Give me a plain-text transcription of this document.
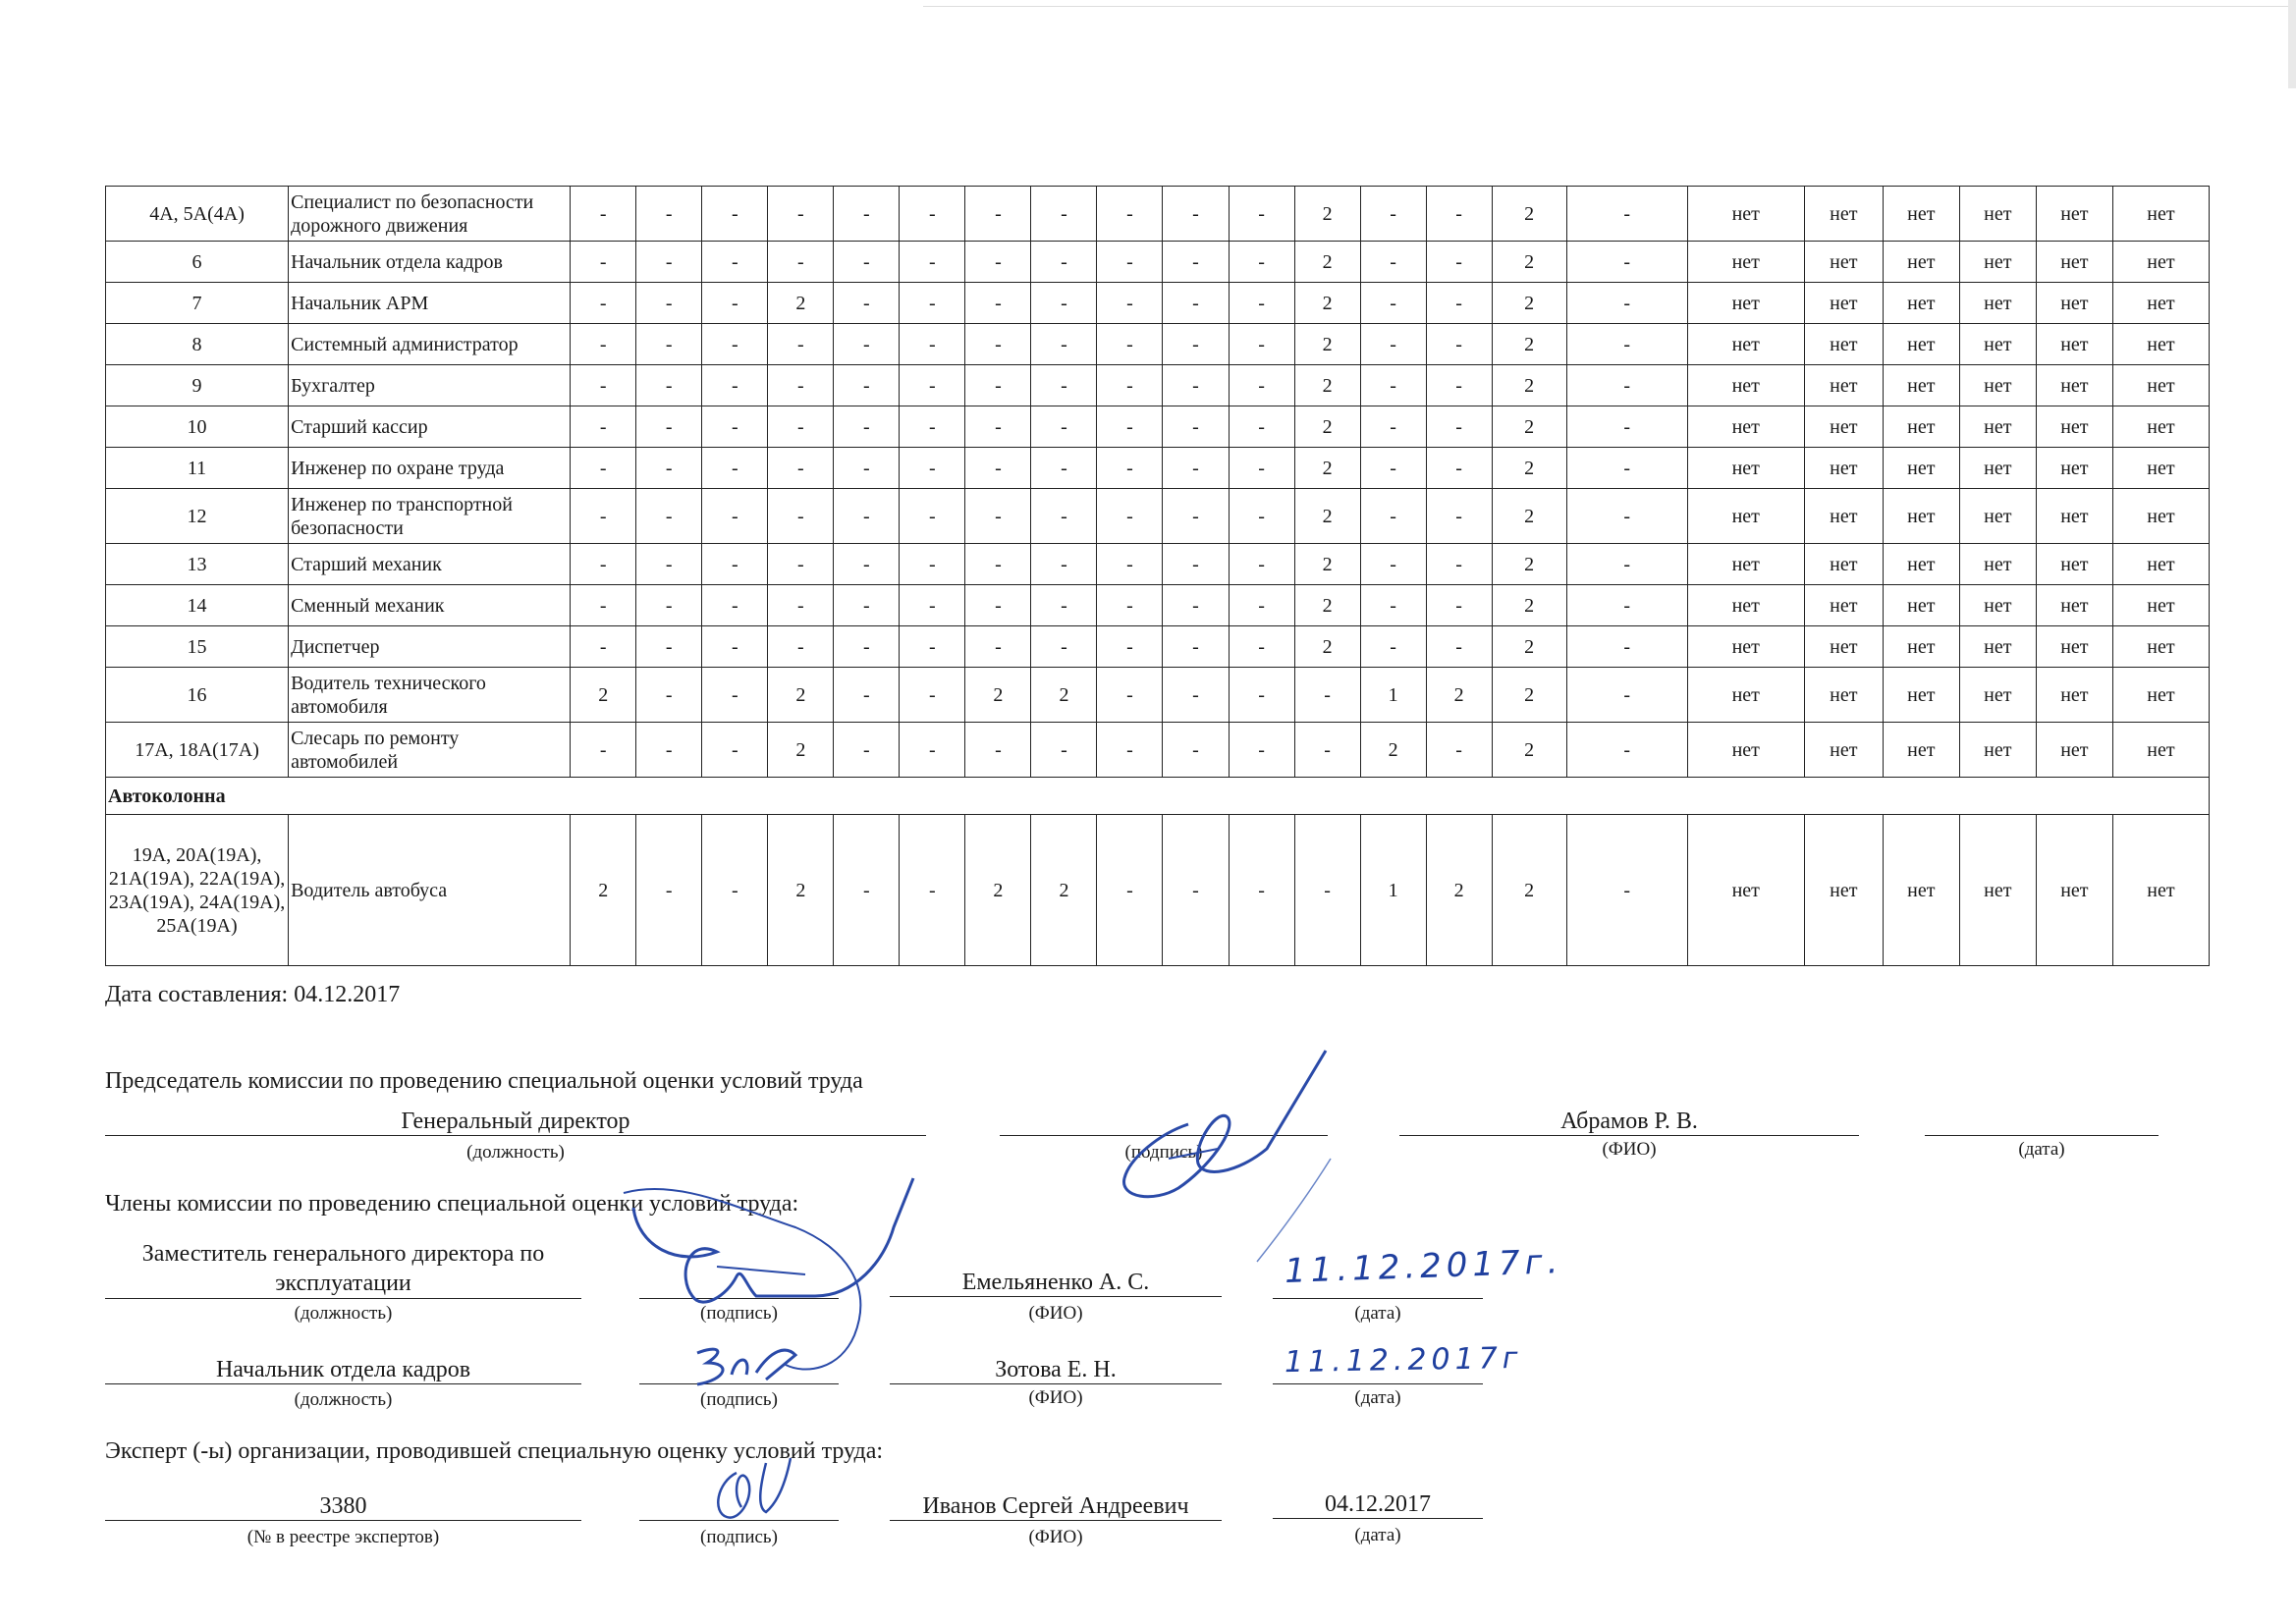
4А, 5А(4А)	Специалист по безопасности дорожного движения	-	-	-	-	-	-	-	-	-	-	-	2	-	-	2	-	нет	нет	нет	нет	нет	нет
6	Начальник отдела кадров	-	-	-	-	-	-	-	-	-	-	-	2	-	-	2	-	нет	нет	нет	нет	нет	нет
7	Начальник АРМ	-	-	-	2	-	-	-	-	-	-	-	2	-	-	2	-	нет	нет	нет	нет	нет	нет
8	Системный администратор	-	-	-	-	-	-	-	-	-	-	-	2	-	-	2	-	нет	нет	нет	нет	нет	нет
9	Бухгалтер	-	-	-	-	-	-	-	-	-	-	-	2	-	-	2	-	нет	нет	нет	нет	нет	нет
10	Старший кассир	-	-	-	-	-	-	-	-	-	-	-	2	-	-	2	-	нет	нет	нет	нет	нет	нет
11	Инженер по охране труда	-	-	-	-	-	-	-	-	-	-	-	2	-	-	2	-	нет	нет	нет	нет	нет	нет
12	Инженер по транспортной безопасности	-	-	-	-	-	-	-	-	-	-	-	2	-	-	2	-	нет	нет	нет	нет	нет	нет
13	Старший механик	-	-	-	-	-	-	-	-	-	-	-	2	-	-	2	-	нет	нет	нет	нет	нет	нет
14	Сменный механик	-	-	-	-	-	-	-	-	-	-	-	2	-	-	2	-	нет	нет	нет	нет	нет	нет
15	Диспетчер	-	-	-	-	-	-	-	-	-	-	-	2	-	-	2	-	нет	нет	нет	нет	нет	нет
16	Водитель технического автомобиля	2	-	-	2	-	-	2	2	-	-	-	-	1	2	2	-	нет	нет	нет	нет	нет	нет
17А, 18А(17А)	Слесарь по ремонту автомобилей	-	-	-	2	-	-	-	-	-	-	-	-	2	-	2	-	нет	нет	нет	нет	нет	нет
Автоколонна																							
19А, 20А(19А), 21А(19А), 22А(19А), 23А(19А), 24А(19А), 25А(19А)	Водитель автобуса	2	-	-	2	-	-	2	2	-	-	-	-	1	2	2	-	нет	нет	нет	нет	нет	нет
Дата составления: 04.12.2017
Председатель комиссии по проведению специальной оценки условий труда
Генеральный директор	Абрамов Р. В.
(должность)	(подпись)	(ФИО)	(дата)
Члены комиссии по проведению специальной оценки условий труда:
Заместитель генерального директора по эксплуатации	Емельяненко А. С.
(должность)	(подпись)	(ФИО)	(дата)
Начальник отдела кадров	Зотова Е. Н.
(должность)	(подпись)	(ФИО)	(дата)
Эксперт (-ы) организации, проводившей специальную оценку условий труда:
3380	Иванов Сергей Андреевич	04.12.2017
(№ в реестре экспертов)	(подпись)	(ФИО)	(дата)
11.12.2017г.
11.12.2017г
